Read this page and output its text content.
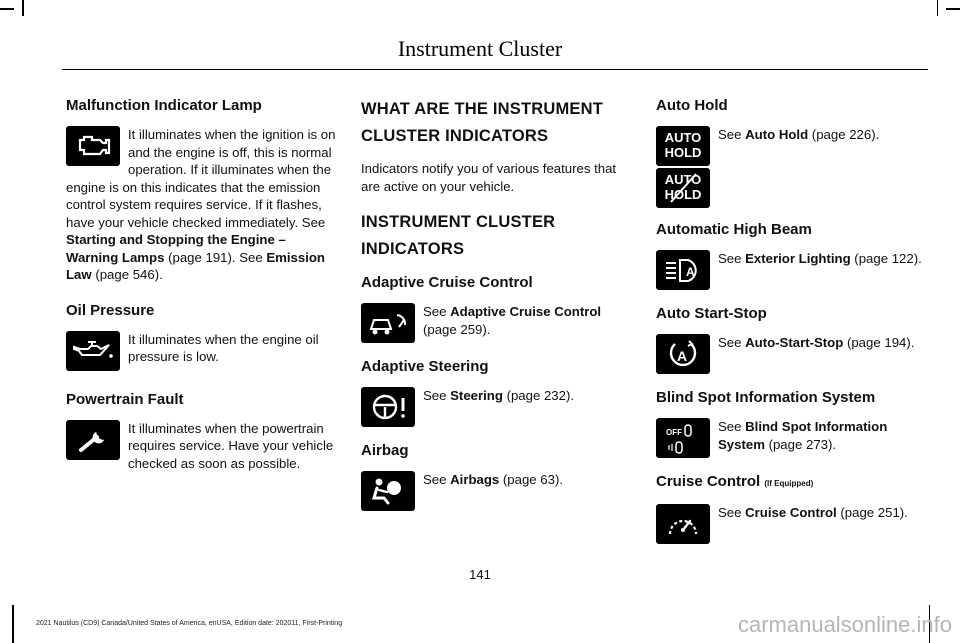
Instrument Cluster
Malfunction Indicator Lamp

It illuminates when the ignition is on and the engine is off, this is normal operation. If it illuminates when the engine is on this indicates that the emission control system requires service. If it flashes, have your vehicle checked immediately. See Starting and Stopping the Engine – Warning Lamps (page 191). See Emission Law (page 546).

Oil Pressure

It illuminates when the engine oil pressure is low.

Powertrain Fault

It illuminates when the powertrain requires service. Have your vehicle checked as soon as possible.

WHAT ARE THE INSTRUMENT
CLUSTER INDICATORS

Indicators notify you of various features that are active on your vehicle.

INSTRUMENT CLUSTER
INDICATORS
Adaptive Cruise Control

See Adaptive Cruise Control (page 259).

Adaptive Steering

See Steering (page 232).

Airbag

See Airbags (page 63).

Auto Hold
AUTO
HOLD

See Auto Hold (page 226).

AUTO
HOLD
Automatic High Beam
A

See Exterior Lighting (page 122).

Auto Start-Stop
A

See Auto-Start-Stop (page 194).

Blind Spot Information System
OFF	See Blind Spot Information System (page 273).

Cruise Control (If Equipped)

See Cruise Control (page 251).

141
2021 Nautilus (CD9) Canada/United States of America, enUSA, Edition date: 202011, First-Printing	carmanualsonline.info
